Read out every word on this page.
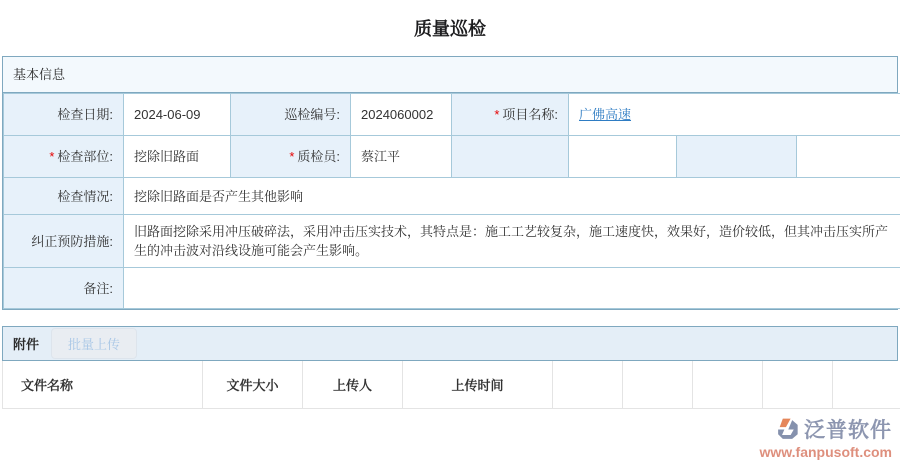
质量巡检
基本信息
检查日期:	2024-06-09	巡检编号:	2024060002	* 项目名称:	广佛高速		
* 检查部位:	挖除旧路面	* 质检员:	蔡江平				
检查情况:	挖除旧路面是否产生其他影响						
纠正预防措施:	旧路面挖除采用冲压破碎法，采用冲击压实技术，其特点是：施工工艺较复杂，施工速度快，效果好，造价较低，但其冲击压实所产生的冲击波对沿线设施可能会产生影响。						
备注:							
附件	批量上传
文件名称	文件大小	上传人	上传时间					
泛普软件
www.fanpusoft.com
